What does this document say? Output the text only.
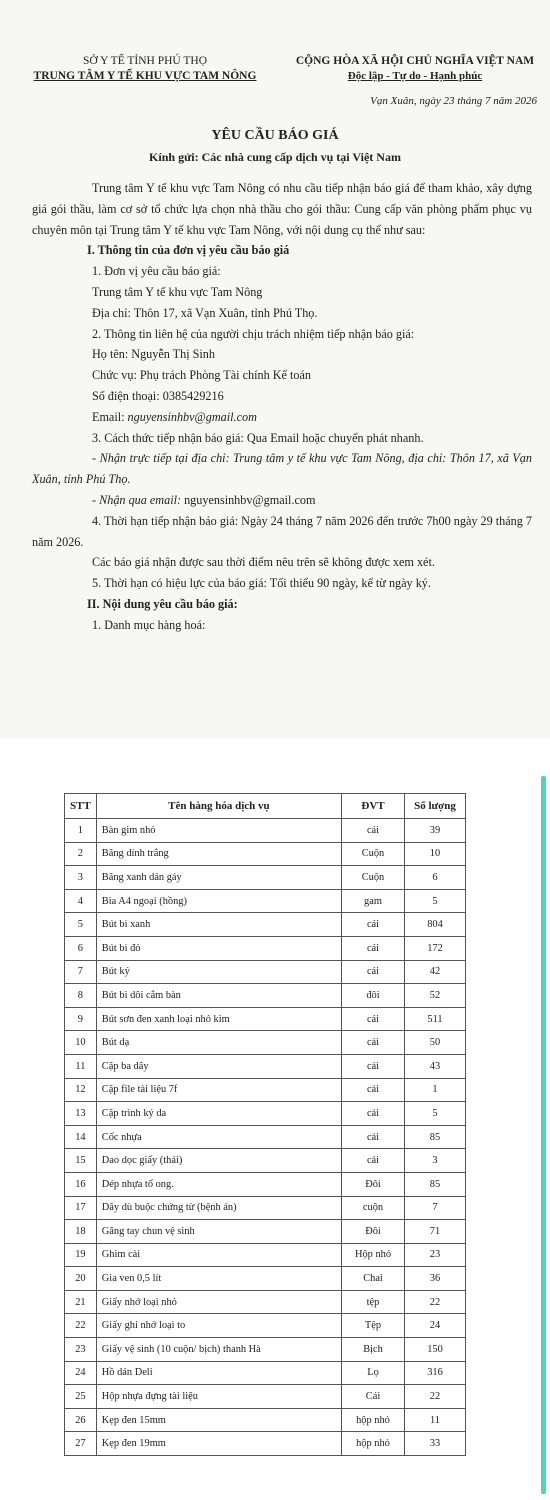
SỞ Y TẾ TỈNH PHÚ THỌ
TRUNG TÂM Y TẾ KHU VỰC TAM NÔNG
CỘNG HÒA XÃ HỘI CHỦ NGHĨA VIỆT NAM
Độc lập - Tự do - Hạnh phúc
Vạn Xuân, ngày 23 tháng 7 năm 2026
YÊU CẦU BÁO GIÁ
Kính gửi: Các nhà cung cấp dịch vụ tại Việt Nam

Trung tâm Y tế khu vực Tam Nông có nhu cầu tiếp nhận báo giá để tham khảo, xây dựng giá gói thầu, làm cơ sở tổ chức lựa chọn nhà thầu cho gói thầu: Cung cấp văn phòng phẩm phục vụ chuyên môn tại Trung tâm Y tế khu vực Tam Nông, với nội dung cụ thể như sau:

I. Thông tin của đơn vị yêu cầu báo giá

1. Đơn vị yêu cầu báo giá:

Trung tâm Y tế khu vực Tam Nông

Địa chỉ: Thôn 17, xã Vạn Xuân, tỉnh Phú Thọ.

2. Thông tin liên hệ của người chịu trách nhiệm tiếp nhận báo giá:

Họ tên: Nguyễn Thị Sinh

Chức vụ: Phụ trách Phòng Tài chính Kế toán

Số điện thoại: 0385429216

Email: nguyensinhbv@gmail.com

3. Cách thức tiếp nhận báo giá: Qua Email hoặc chuyển phát nhanh.

- Nhận trực tiếp tại địa chỉ: Trung tâm y tế khu vực Tam Nông, địa chỉ: Thôn 17, xã Vạn Xuân, tỉnh Phú Thọ.

- Nhận qua email: nguyensinhbv@gmail.com

4. Thời hạn tiếp nhận báo giá: Ngày 24 tháng 7 năm 2026 đến trước 7h00 ngày 29 tháng 7 năm 2026.

Các báo giá nhận được sau thời điểm nêu trên sẽ không được xem xét.

5. Thời hạn có hiệu lực của báo giá: Tối thiểu 90 ngày, kể từ ngày ký.

II. Nội dung yêu cầu báo giá:

1. Danh mục hàng hoá:

STT	Tên hàng hóa dịch vụ	ĐVT	Số lượng
1	Bàn gim nhỏ	cái	39
2	Băng dính trắng	Cuộn	10
3	Băng xanh dán gáy	Cuộn	6
4	Bìa A4 ngoại (hồng)	gam	5
5	Bút bi xanh	cái	804
6	Bút bi đỏ	cái	172
7	Bút ký	cái	42
8	Bút bi dôi cắm bàn	đôi	52
9	Bút sơn đen xanh loại nhỏ kim	cái	511
10	Bút dạ	cái	50
11	Cặp ba dây	cái	43
12	Cặp file tài liệu 7f	cái	1
13	Cặp trình ký da	cái	5
14	Cốc nhựa	cái	85
15	Dao dọc giấy (thái)	cái	3
16	Dép nhựa tổ ong.	Đôi	85
17	Dây dù buộc chứng từ (bệnh án)	cuộn	7
18	Găng tay chun vệ sinh	Đôi	71
19	Ghim cài	Hộp nhỏ	23
20	Gia ven 0,5 lít	Chai	36
21	Giấy nhớ loại nhỏ	tệp	22
22	Giấy ghi nhớ loại to	Tệp	24
23	Giấy vệ sinh (10 cuộn/ bịch) thanh Hà	Bịch	150
24	Hồ dán Deli	Lọ	316
25	Hộp nhựa đựng tài liệu	Cái	22
26	Kẹp đen 15mm	hộp nhỏ	11
27	Kẹp đen 19mm	hộp nhỏ	33
